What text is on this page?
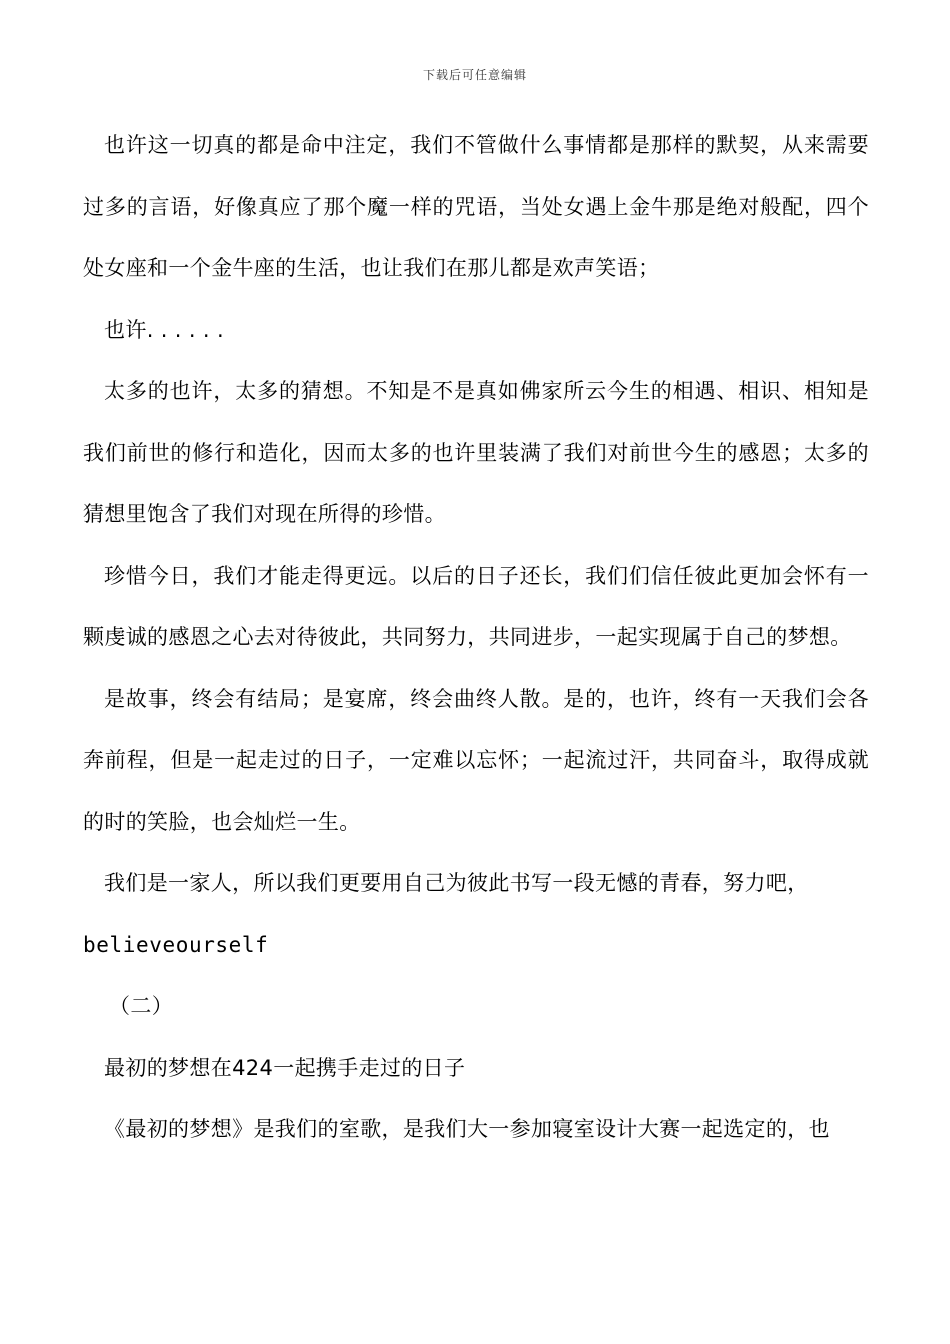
下载后可任意编辑

也许这一切真的都是命中注定，我们不管做什么事情都是那样的默契，从来需要过多的言语，好像真应了那个魔一样的咒语，当处女遇上金牛那是绝对般配，四个处女座和一个金牛座的生活，也让我们在那儿都是欢声笑语；

也许. . . . . .

太多的也许，太多的猜想。不知是不是真如佛家所云今生的相遇、相识、相知是我们前世的修行和造化，因而太多的也许里装满了我们对前世今生的感恩；太多的猜想里饱含了我们对现在所得的珍惜。

珍惜今日，我们才能走得更远。以后的日子还长，我们们信任彼此更加会怀有一颗虔诚的感恩之心去对待彼此，共同努力，共同进步，一起实现属于自己的梦想。

是故事，终会有结局；是宴席，终会曲终人散。是的，也许，终有一天我们会各奔前程，但是一起走过的日子，一定难以忘怀；一起流过汗，共同奋斗，取得成就的时的笑脸，也会灿烂一生。

我们是一家人，所以我们更要用自己为彼此书写一段无憾的青春，努力吧，

believeourself

（二）

最初的梦想在424一起携手走过的日子

《最初的梦想》是我们的室歌，是我们大一参加寝室设计大赛一起选定的，也
